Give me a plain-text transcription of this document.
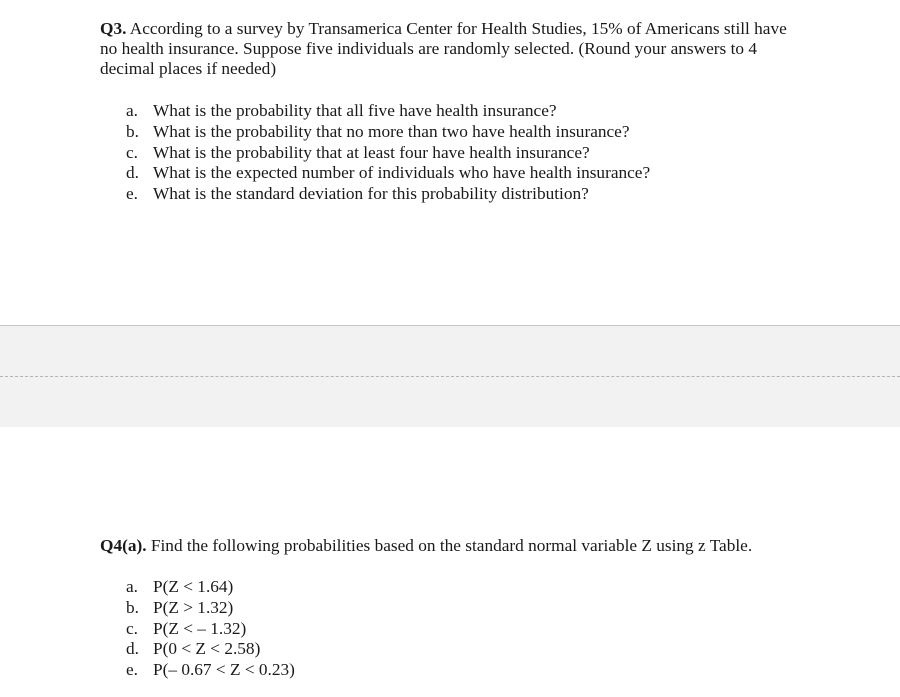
Q3. According to a survey by Transamerica Center for Health Studies, 15% of Americans still have no health insurance. Suppose five individuals are randomly selected. (Round your answers to 4 decimal places if needed)
a. What is the probability that all five have health insurance?
b. What is the probability that no more than two have health insurance?
c. What is the probability that at least four have health insurance?
d. What is the expected number of individuals who have health insurance?
e. What is the standard deviation for this probability distribution?
Q4(a). Find the following probabilities based on the standard normal variable Z using z Table.
a. P(Z < 1.64)
b. P(Z > 1.32)
c. P(Z < – 1.32)
d. P(0 < Z < 2.58)
e. P(– 0.67 < Z < 0.23)
